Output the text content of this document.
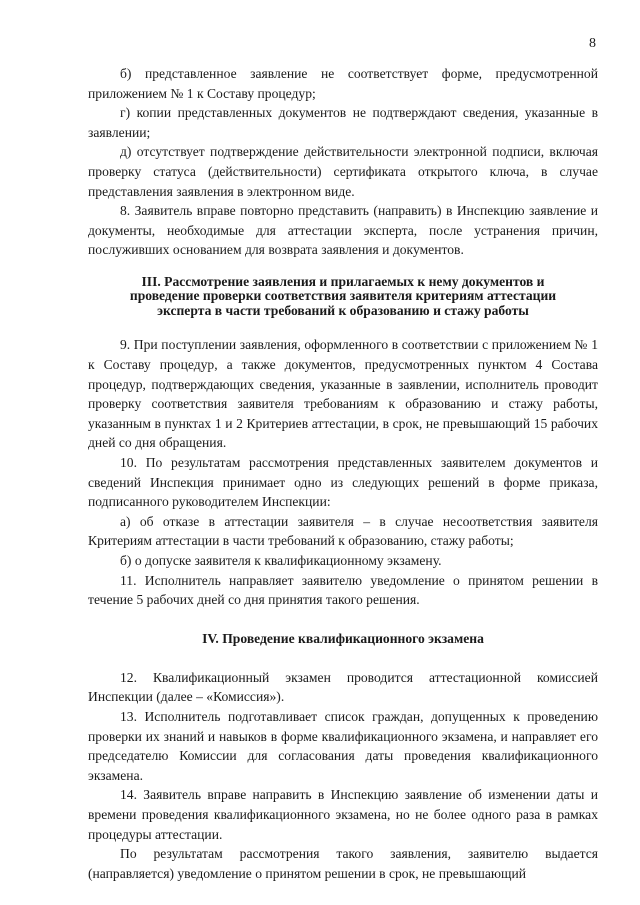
8

б) представленное заявление не соответствует форме, предусмотренной приложением № 1 к Составу процедур;

г) копии представленных документов не подтверждают сведения, указанные в заявлении;

д) отсутствует подтверждение действительности электронной подписи, включая проверку статуса (действительности) сертификата открытого ключа, в случае представления заявления в электронном виде.

8. Заявитель вправе повторно представить (направить) в Инспекцию заявление и документы, необходимые для аттестации эксперта, после устранения причин, послуживших основанием для возврата заявления и документов.

III. Рассмотрение заявления и прилагаемых к нему документов и проведение проверки соответствия заявителя критериям аттестации эксперта в части требований к образованию и стажу работы

9. При поступлении заявления, оформленного в соответствии с приложением № 1 к Составу процедур, а также документов, предусмотренных пунктом 4 Состава процедур, подтверждающих сведения, указанные в заявлении, исполнитель проводит проверку соответствия заявителя требованиям к образованию и стажу работы, указанным в пунктах 1 и 2 Критериев аттестации, в срок, не превышающий 15 рабочих дней со дня обращения.

10. По результатам рассмотрения представленных заявителем документов и сведений Инспекция принимает одно из следующих решений в форме приказа, подписанного руководителем Инспекции:

а) об отказе в аттестации заявителя – в случае несоответствия заявителя Критериям аттестации в части требований к образованию, стажу работы;

б) о допуске заявителя к квалификационному экзамену.

11. Исполнитель направляет заявителю уведомление о принятом решении в течение 5 рабочих дней со дня принятия такого решения.

IV. Проведение квалификационного экзамена

12. Квалификационный экзамен проводится аттестационной комиссией Инспекции (далее – «Комиссия»).

13. Исполнитель подготавливает список граждан, допущенных к проведению проверки их знаний и навыков в форме квалификационного экзамена, и направляет его председателю Комиссии для согласования даты проведения квалификационного экзамена.

14. Заявитель вправе направить в Инспекцию заявление об изменении даты и времени проведения квалификационного экзамена, но не более одного раза в рамках процедуры аттестации.

По результатам рассмотрения такого заявления, заявителю выдается (направляется) уведомление о принятом решении в срок, не превышающий
